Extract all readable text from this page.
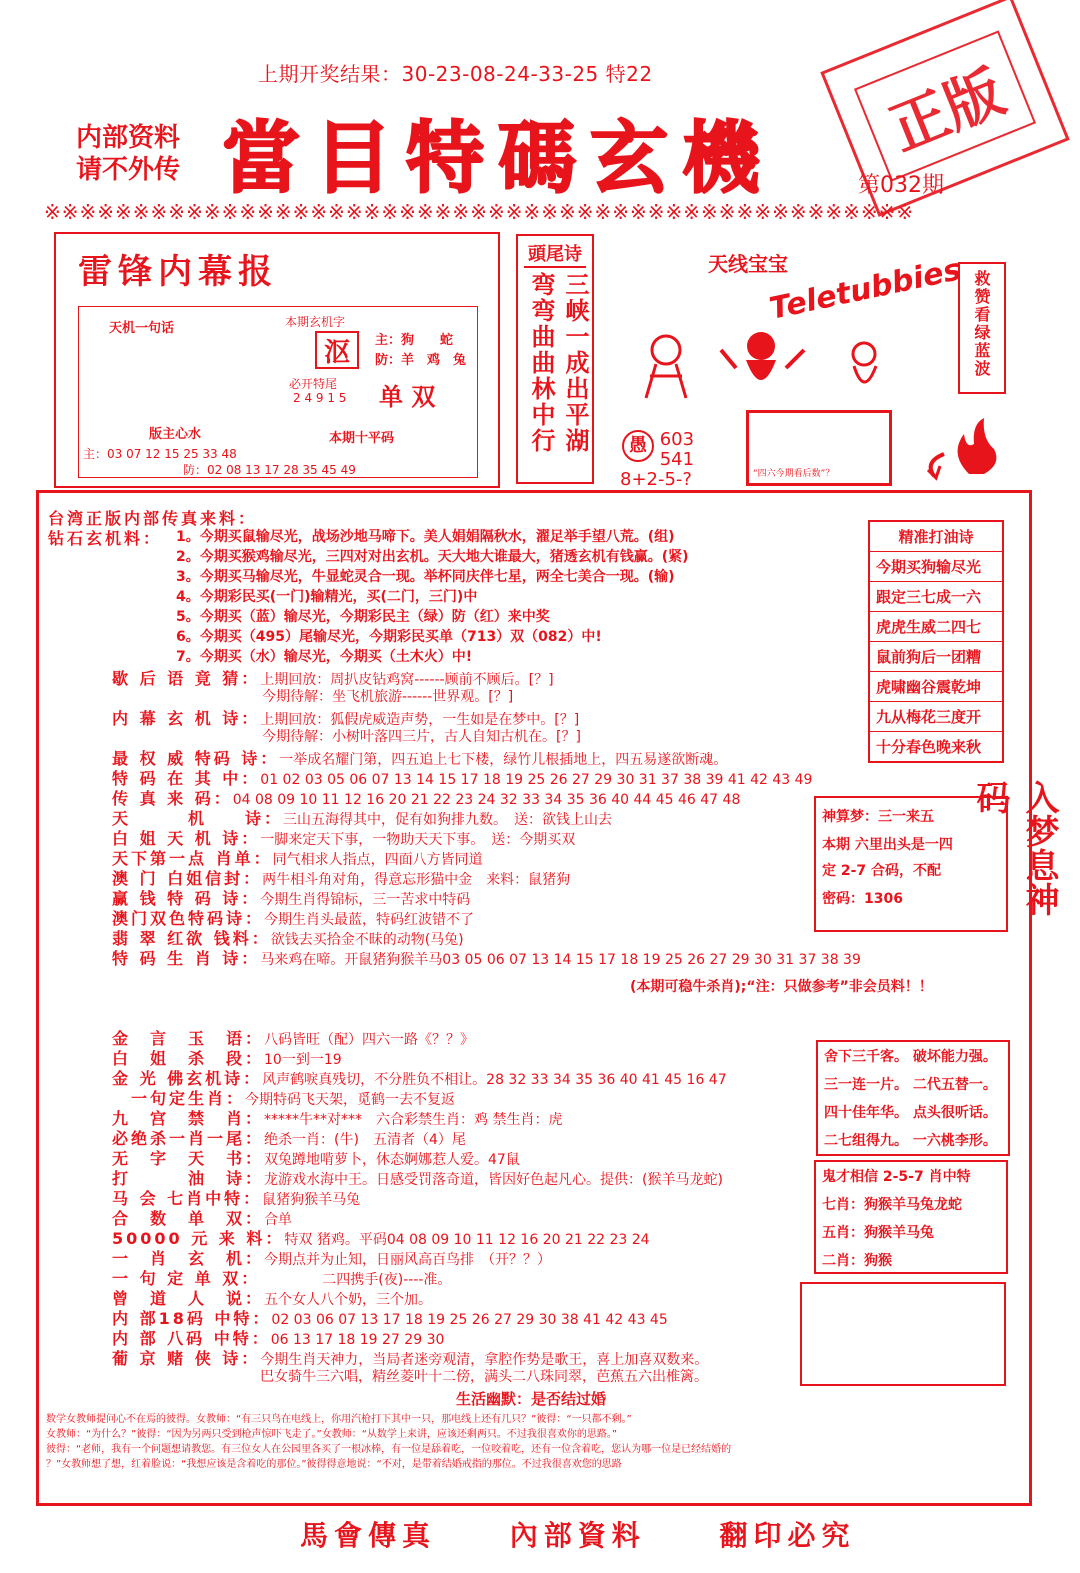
上期开奖结果：30-23-08-24-33-25 特22
内部资料
请不外传 當目特碼玄機	第032期
正版
※※※※※※※※※※※※※※※※※※※※※※※※※※※※※※※※※※※※※※※※※※※※※※※※※
雷锋内幕报
天机一句话	本期玄机字
沤	主：狗　　蛇
防：羊　鸡　兔
必开特尾
2 4 9 1 5 单 双
版主心水	本期十平码
主：03 07 12 15 25 33 48
防：02 08 13 17 28 35 45 49
頭尾诗
三峡一成出平湖
弯弯曲曲林中行
天线宝宝
Teletubbies
“四六今期看后数”？
愚 603
541
8+2-5-?
救赞看绿蓝波
台湾正版内部传真来料：
钻石玄机料： 1。今期买鼠输尽光，战场沙地马啼下。美人娟娟隔秋水，濯足举手望八荒。(组)
2。今期买猴鸡输尽光，三四对对出玄机。天大地大谁最大，猪透玄机有钱赢。(紧)
3。今期买马输尽光，牛显蛇灵合一现。举杯同庆伴七星，两全七美合一现。(输)
4。今期彩民买(一门)输精光，买(二门，三门)中
5。今期买（蓝）输尽光，今期彩民主（绿）防（红）来中奖
6。今期买（495）尾输尽光，今期彩民买单（713）双（082）中!
7。今期买（水）输尽光，今期买（土木火）中!
歇 后 语 竟 猜：上期回放：周扒皮钻鸡窝------顾前不顾后。[？]
今期待解：坐飞机旅游------世界观。[？]
内 幕 玄 机 诗：上期回放：狐假虎威造声势，一生如是在梦中。[？]
今期待解：小树叶落四三片，古人自知古机在。[？]
最 权 威 特码 诗：一举成名耀门第，四五追上七下楼，绿竹儿根插地上，四五易遂欲断魂。
特 码 在 其 中：01 02 03 05 06 07 13 14 15 17 18 19 25 26 27 29 30 31 37 38 39 41 42 43 49
传 真 来 码：04 08 09 10 11 12 16 20 21 22 23 24 32 33 34 35 36 40 44 45 46 47 48
天　　　机　　诗：三山五海得其中，促有如狗排九数。　送：欲钱上山去
白 姐 天 机 诗：一脚来定天下事，一物助天天下事。　送：今期买双
天下第一点 肖单：同气相求人指点，四面八方皆同道
澳 门 白姐信封：两牛相斗角对角，得意忘形猫中金　来料：鼠猪狗
赢 钱 特 码 诗：今期生肖得锦标，三一苦求中特码
澳门双色特码诗：今期生肖头最蓝，特码红波错不了
翡 翠 红欲 钱料：欲钱去买拾金不昧的动物(马兔)
特 码 生 肖 诗：马来鸡在啼。开鼠猪狗猴羊马03 05 06 07 13 14 15 17 18 19 25 26 27 29 30 31 37 38 39
(本期可稳牛杀肖);“注：只做参考”非会员料！！
金　言　玉　语：八码皆旺（配）四六一路《？？》
白　姐　杀　段：10一到一19
金 光 佛玄机诗：风声鹤唳真残切，不分胜负不相让。28 32 33 34 35 36 40 41 45 16 47
　一句定生肖：今期特码飞天架，觅鹤一去不复返
九　宫　禁　肖：*****牛**对***　六合彩禁生肖：鸡 禁生肖：虎
必绝杀一肖一尾：绝杀一肖：(牛)　五清者（4）尾
无　字　天　书：双兔蹲地啃萝卜，休态婀娜惹人爱。47鼠
打　　　油　诗：龙游戏水海中王。日感受罚落奇道，皆因好色起凡心。提供：(猴羊马龙蛇)
马 会 七肖中特：鼠猪狗猴羊马兔
合　数　单　双：合单
50000 元 来 料：特双 猪鸡。平码04 08 09 10 11 12 16 20 21 22 23 24
一　肖　玄　机：今期点并为止知，日丽风高百鸟排　（开？？）
一 句 定 单 双：　　　　　二四携手(夜)----准。
曾　道　人　说：五个女人八个奶，三个加。
内 部18码 中特：02 03 06 07 13 17 18 19 25 26 27 29 30 38 41 42 43 45
内 部 八码 中特：06 13 17 18 19 27 29 30
葡 京 赌 侠 诗：今期生肖天神力，当局者迷旁观清，拿腔作势是歌王，喜上加喜双数来。
巴女骑牛三六唱，精丝菱叶十二傍，满头二八珠同翠，芭蕉五六出椎篱。
生活幽默：是否结过婚
数学女教师提问心不在焉的彼得。女教师：“有三只鸟在电线上，你用汽枪打下其中一只，那电线上还有几只？”彼得：“一只都不剩。”
女教师：“为什么？”彼得：“因为另两只受到枪声惊吓飞走了。”女教师：“从数学上来讲，应该还剩两只。不过我很喜欢你的思路。”
彼得：“老师，我有一个问题想请教您。有三位女人在公园里各买了一根冰棒，有一位是舔着吃，一位咬着吃，还有一位含着吃，您认为哪一位是已经结婚的
？”女教师想了想，红着脸说：“我想应该是含着吃的那位。”彼得得意地说：“不对，是带着结婚戒指的那位。不过我很喜欢您的思路
精准打油诗
今期买狗输尽光
跟定三七成一六
虎虎生威二四七
鼠前狗后一团糟
虎啸幽谷震乾坤
九从梅花三度开
十分春色晚来秋
神算梦：三一来五
本期 六里出头是一四
定 2-7 合码，不配
密码：1306	入梦息神码
舍下三千客。 破坏能力强。
三一连一片。 二代五替一。
四十佳年华。 点头很听话。
二七组得九。 一六桃李形。
鬼才相信 2-5-7 肖中特
七肖：狗猴羊马兔龙蛇
五肖：狗猴羊马兔
二肖：狗猴
馬會傳真	內部資料	翻印必究
